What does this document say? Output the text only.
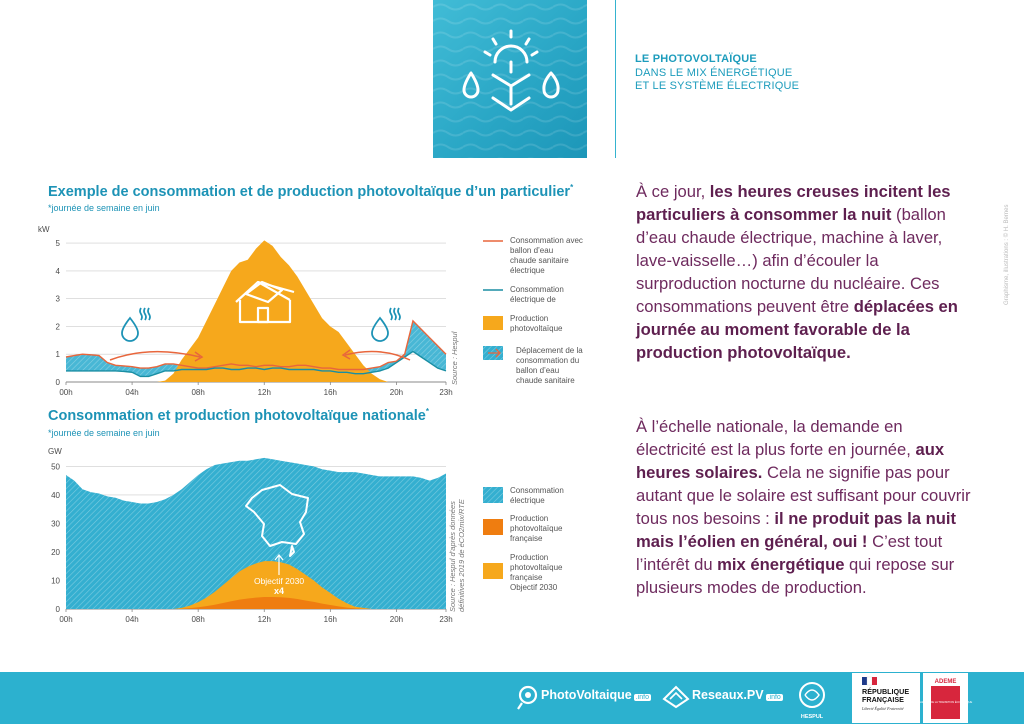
LE PHOTOVOLTAÏQUE
DANS LE MIX ÉNERGÉTIQUE
ET LE SYSTÈME ÉLECTRIQUE
Exemple de consommation et de production photovoltaïque d’un particulier*
*journée de semaine en juin
Consommation et production photovoltaïque nationale*
*journée de semaine en juin
kW
0
1
2
3
4
5
00h	04h	08h	12h	16h	20h	23h
Source : Hespul
Consommation avec ballon d’eau chaude sanitaire électrique
Consommation électrique de
Production photovoltaïque
Déplacement de la consommation du ballon d’eau chaude sanitaire
GW
0
10
20
30
40
50
00h	04h	08h	12h	16h	20h	23h
Objectif 2030
x4	Source : Hespul d’après donnéesdéfinitives 2019 de éCO2mix/RTE
Consommation électrique
Production photovoltaïque française
Production photovoltaïque française Objectif 2030
À ce jour, les heures creuses incitent les particuliers à consommer la nuit (ballon d’eau chaude électrique, machine à laver, lave-vaisselle…) afin d’écouler la surproduction nocturne du nucléaire. Ces consommations peuvent être déplacées en journée au moment favorable de la production photovoltaïque.
À l’échelle nationale, la demande en électricité est la plus forte en journée, aux heures solaires. Cela ne signifie pas pour autant que le solaire est suffisant pour couvrir tous nos besoins : il ne produit pas la nuit mais l’éolien en général, oui ! C’est tout l’intérêt du mix énergétique qui repose sur plusieurs modes de production.
Graphisme, illustrations : © H. Bernes
PhotoVoltaique .info	Reseaux.PV .info
HESPUL
RÉPUBLIQUE
FRANÇAISE
Liberté Égalité Fraternité
ADEME
AGENCE DE LA TRANSITION ÉCOLOGIQUE
